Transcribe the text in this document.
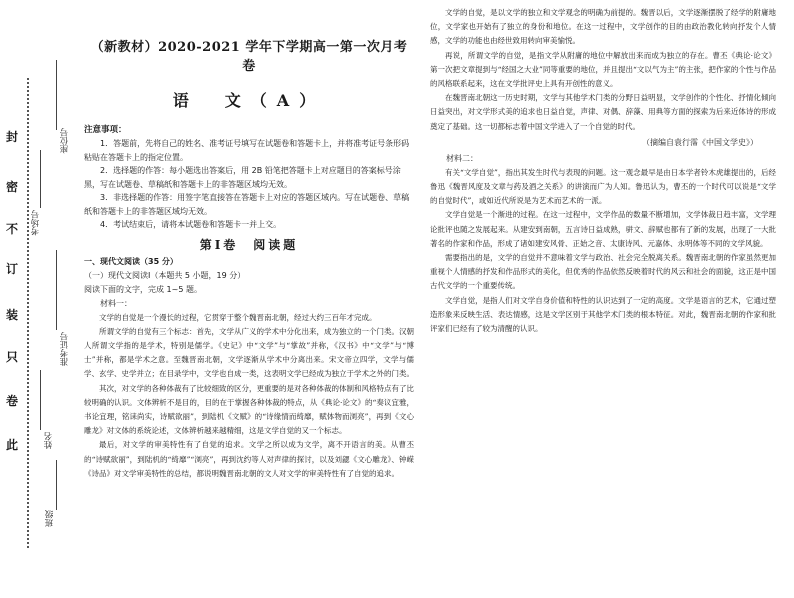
封
密
不
订
装
只
卷
此
座位号
考场号
准考证号
姓名
班级
（新教材）2020-2021 学年下学期高一第一次月考卷
语　文（A）

注意事项：

1．答题前，先将自己的姓名、准考证号填写在试题卷和答题卡上，并将准考证号条形码粘贴在答题卡上的指定位置。

2．选择题的作答：每小题选出答案后，用 2B 铅笔把答题卡上对应题目的答案标号涂黑，写在试题卷、草稿纸和答题卡上的非答题区域均无效。

3．非选择题的作答：用签字笔直接答在答题卡上对应的答题区域内。写在试题卷、草稿纸和答题卡上的非答题区域均无效。

4．考试结束后，请将本试题卷和答题卡一并上交。

第Ⅰ卷　阅读题

一、现代文阅读（35 分）

（一）现代文阅读Ⅰ（本题共 5 小题，19 分）

阅读下面的文字，完成 1~5 题。

材料一：

文学的自觉是一个漫长的过程，它贯穿于整个魏晋南北朝，经过大约三百年才完成。

所谓文学的自觉有三个标志：首先，文学从广义的学术中分化出来，成为独立的一个门类。汉朝人所谓文学指的是学术，特别是儒学。《史记》中“文学”与“掌故”并称，《汉书》中“文学”与“博士”并称，都是学术之意。至魏晋南北朝，文学逐渐从学术中分离出来。宋文帝立四学，文学与儒学、玄学、史学并立；在目录学中，文学也自成一类，这表明文学已经成为独立于学术之外的门类。

其次，对文学的各种体裁有了比较细致的区分，更重要的是对各种体裁的体制和风格特点有了比较明确的认识。文体辨析不是目的，目的在于掌握各种体裁的特点，从《典论·论文》的“奏议宜雅，书论宜理，铭诔尚实，诗赋欲丽”，到陆机《文赋》的“诗缘情而绮靡，赋体物而浏亮”，再到《文心雕龙》对文体的系统论述，文体辨析越来越精细，这是文学自觉的又一个标志。

最后，对文学的审美特性有了自觉的追求。文学之所以成为文学，离不开语言的美。从曹丕的“诗赋欲丽”，到陆机的“绮靡”“浏亮”，再到沈约等人对声律的探讨，以及刘勰《文心雕龙》、钟嵘《诗品》对文学审美特性的总结，都说明魏晋南北朝的文人对文学的审美特性有了自觉的追求。

文学的自觉，是以文学的独立和文学观念的明确为前提的。魏晋以后，文学逐渐摆脱了经学的附庸地位，文学家也开始有了独立的身份和地位。在这一过程中，文学创作的目的由政治教化转向抒发个人情感，文学的功能也由经世致用转向审美愉悦。

再说，所谓文学的自觉，是指文学从附庸的地位中解放出来而成为独立的存在。曹丕《典论·论文》第一次把文章提到与“经国之大业”同等重要的地位，并且提出“文以气为主”的主张，把作家的个性与作品的风格联系起来，这在文学批评史上具有开创性的意义。

在魏晋南北朝这一历史时期，文学与其他学术门类的分野日益明显，文学创作的个性化、抒情化倾向日益突出，对文学形式美的追求也日益自觉，声律、对偶、辞藻、用典等方面的探索为后来近体诗的形成奠定了基础。这一切都标志着中国文学进入了一个自觉的时代。

（摘编自袁行霈《中国文学史》）

材料二：

有关“文学自觉”，指出其发生时代与表现的问题。这一观念最早是由日本学者铃木虎雄提出的，后经鲁迅《魏晋风度及文章与药及酒之关系》的讲演而广为人知。鲁迅认为，曹丕的一个时代可以说是“文学的自觉时代”，或如近代所说是为艺术而艺术的一派。

文学自觉是一个渐进的过程。在这一过程中，文学作品的数量不断增加，文学体裁日趋丰富，文学理论批评也随之发展起来。从建安到南朝，五言诗日益成熟，骈文、辞赋也都有了新的发展，出现了一大批著名的作家和作品，形成了诸如建安风骨、正始之音、太康诗风、元嘉体、永明体等不同的文学风貌。

需要指出的是，文学的自觉并不意味着文学与政治、社会完全脱离关系。魏晋南北朝的作家虽然更加重视个人情感的抒发和作品形式的美化，但优秀的作品依然反映着时代的风云和社会的面貌，这正是中国古代文学的一个重要传统。

文学自觉，是指人们对文学自身价值和特性的认识达到了一定的高度。文学是语言的艺术，它通过塑造形象来反映生活、表达情感，这是文学区别于其他学术门类的根本特征。对此，魏晋南北朝的作家和批评家们已经有了较为清醒的认识。
